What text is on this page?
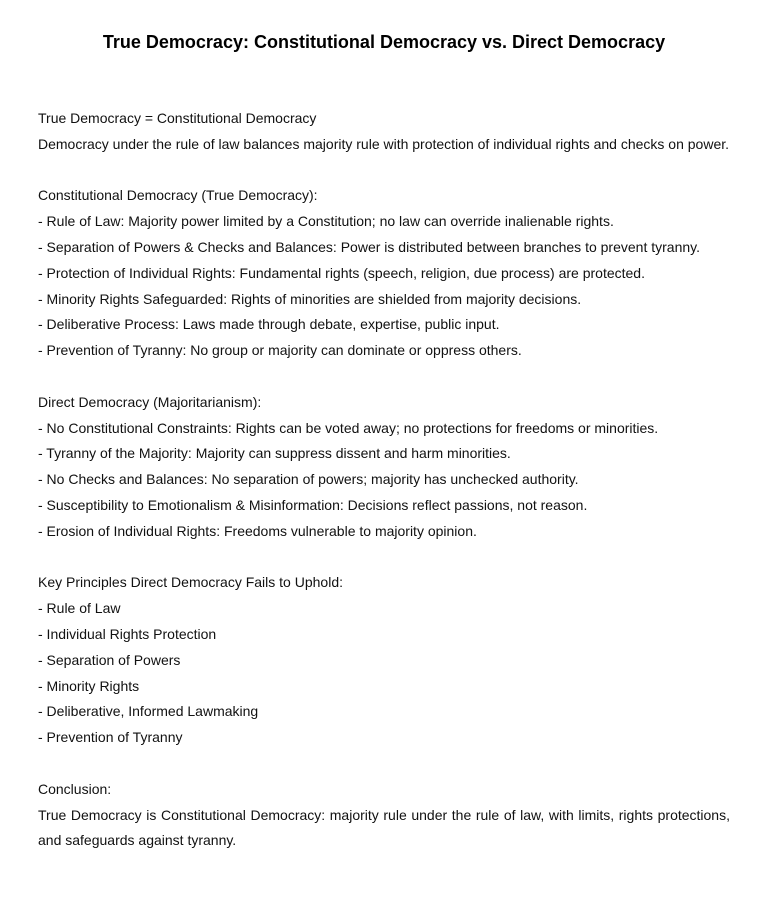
True Democracy: Constitutional Democracy vs. Direct Democracy
True Democracy = Constitutional Democracy

Democracy under the rule of law balances majority rule with protection of individual rights and checks on power.

Constitutional Democracy (True Democracy):
- Rule of Law: Majority power limited by a Constitution; no law can override inalienable rights.
- Separation of Powers & Checks and Balances: Power is distributed between branches to prevent tyranny.
- Protection of Individual Rights: Fundamental rights (speech, religion, due process) are protected.
- Minority Rights Safeguarded: Rights of minorities are shielded from majority decisions.
- Deliberative Process: Laws made through debate, expertise, public input.
- Prevention of Tyranny: No group or majority can dominate or oppress others.
Direct Democracy (Majoritarianism):
- No Constitutional Constraints: Rights can be voted away; no protections for freedoms or minorities.
- Tyranny of the Majority: Majority can suppress dissent and harm minorities.
- No Checks and Balances: No separation of powers; majority has unchecked authority.
- Susceptibility to Emotionalism & Misinformation: Decisions reflect passions, not reason.
- Erosion of Individual Rights: Freedoms vulnerable to majority opinion.
Key Principles Direct Democracy Fails to Uphold:
- Rule of Law
- Individual Rights Protection
- Separation of Powers
- Minority Rights
- Deliberative, Informed Lawmaking
- Prevention of Tyranny
Conclusion:

True Democracy is Constitutional Democracy: majority rule under the rule of law, with limits, rights protections, and safeguards against tyranny.
